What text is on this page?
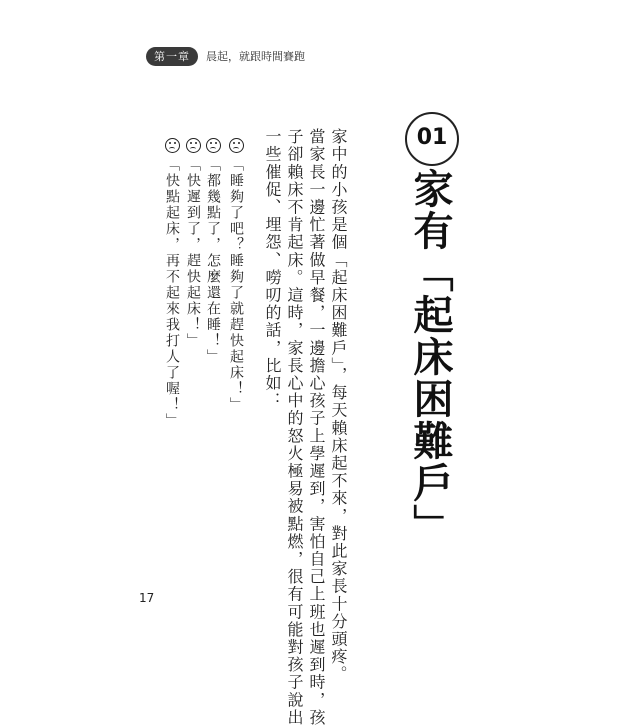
第一章	晨起，就跟時間賽跑
01
家有「起床困難戶」
家中的小孩是個「起床困難戶」，每天賴床起不來，對此家長十分頭疼。
當家長一邊忙著做早餐，一邊擔心孩子上學遲到，害怕自己上班也遲到時，孩
子卻賴床不肯起床。這時，家長心中的怒火極易被點燃，很有可能對孩子說出
一些催促、埋怨、嘮叨的話，比如：
「睡夠了吧？睡夠了就趕快起床！」
「都幾點了，怎麼還在睡！」
「快遲到了，趕快起床！」
「快點起床，再不起來我打人了喔！」
17
